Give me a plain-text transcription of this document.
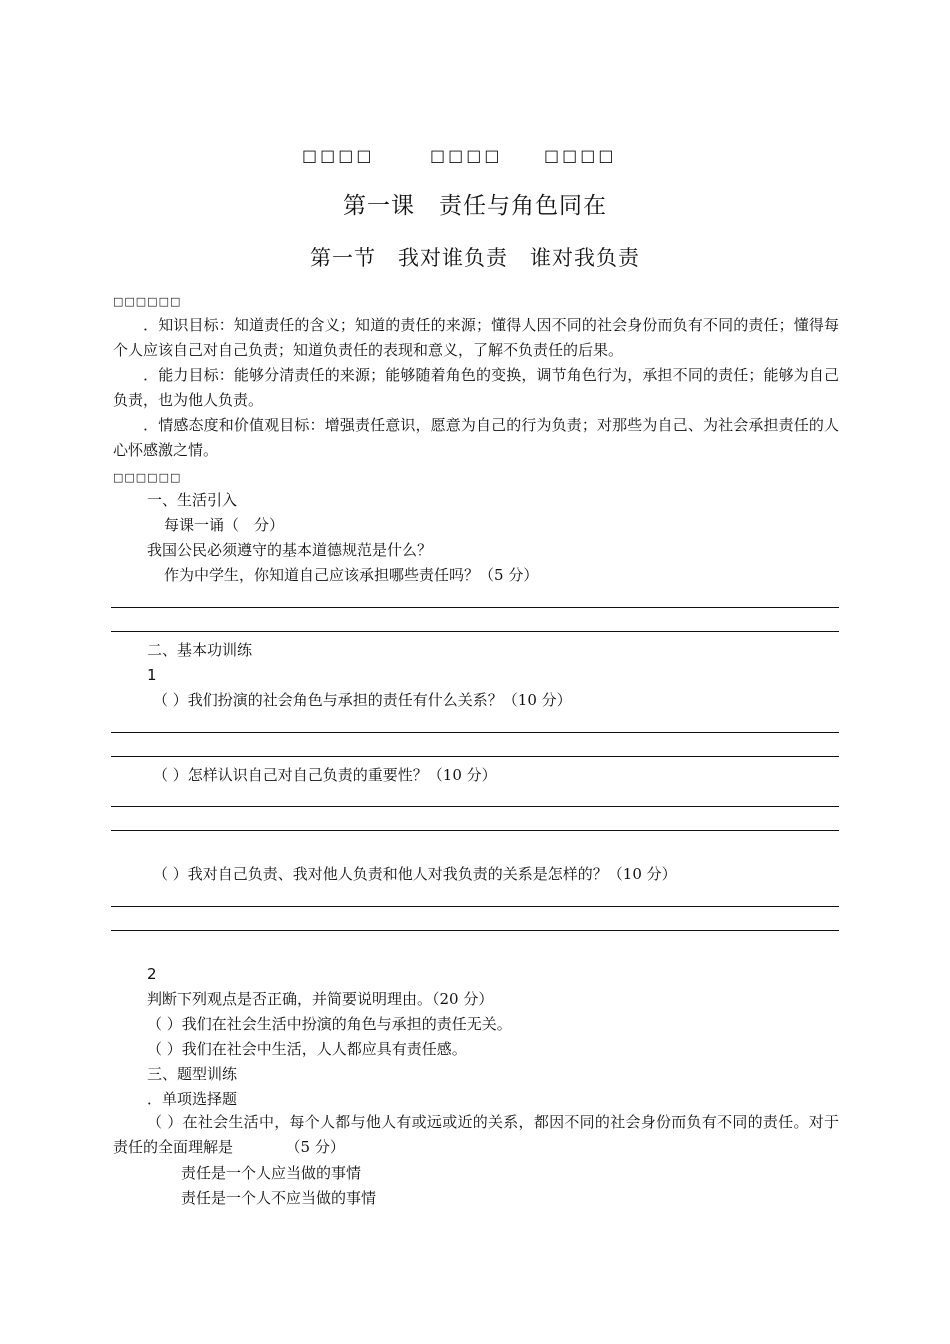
□□□□	□□□□	□□□□
第一课　责任与角色同在
第一节　我对谁负责　谁对我负责
□□□□□□
．知识目标：知道责任的含义；知道的责任的来源；懂得人因不同的社会身份而负有不同的责任；懂得每个人应该自己对自己负责；知道负责任的表现和意义，了解不负责任的后果。
．能力目标：能够分清责任的来源；能够随着角色的变换，调节角色行为，承担不同的责任；能够为自己负责，也为他人负责。
．情感态度和价值观目标：增强责任意识，愿意为自己的行为负责；对那些为自己、为社会承担责任的人心怀感激之情。
□□□□□□
一、生活引入
每课一诵（　分）
我国公民必须遵守的基本道德规范是什么？
作为中学生，你知道自己应该承担哪些责任吗？（5 分）
二、基本功训练
1
（ ）我们扮演的社会角色与承担的责任有什么关系？（10 分）
（ ）怎样认识自己对自己负责的重要性？（10 分）
（ ）我对自己负责、我对他人负责和他人对我负责的关系是怎样的？（10 分）
2
判断下列观点是否正确，并简要说明理由。（20 分）
（ ）我们在社会生活中扮演的角色与承担的责任无关。
（ ）我们在社会中生活，人人都应具有责任感。
三、题型训练
．单项选择题
（ ）在社会生活中，每个人都与他人有或远或近的关系，都因不同的社会身份而负有不同的责任。对于责任的全面理解是　　　　（5 分）
责任是一个人应当做的事情
责任是一个人不应当做的事情
